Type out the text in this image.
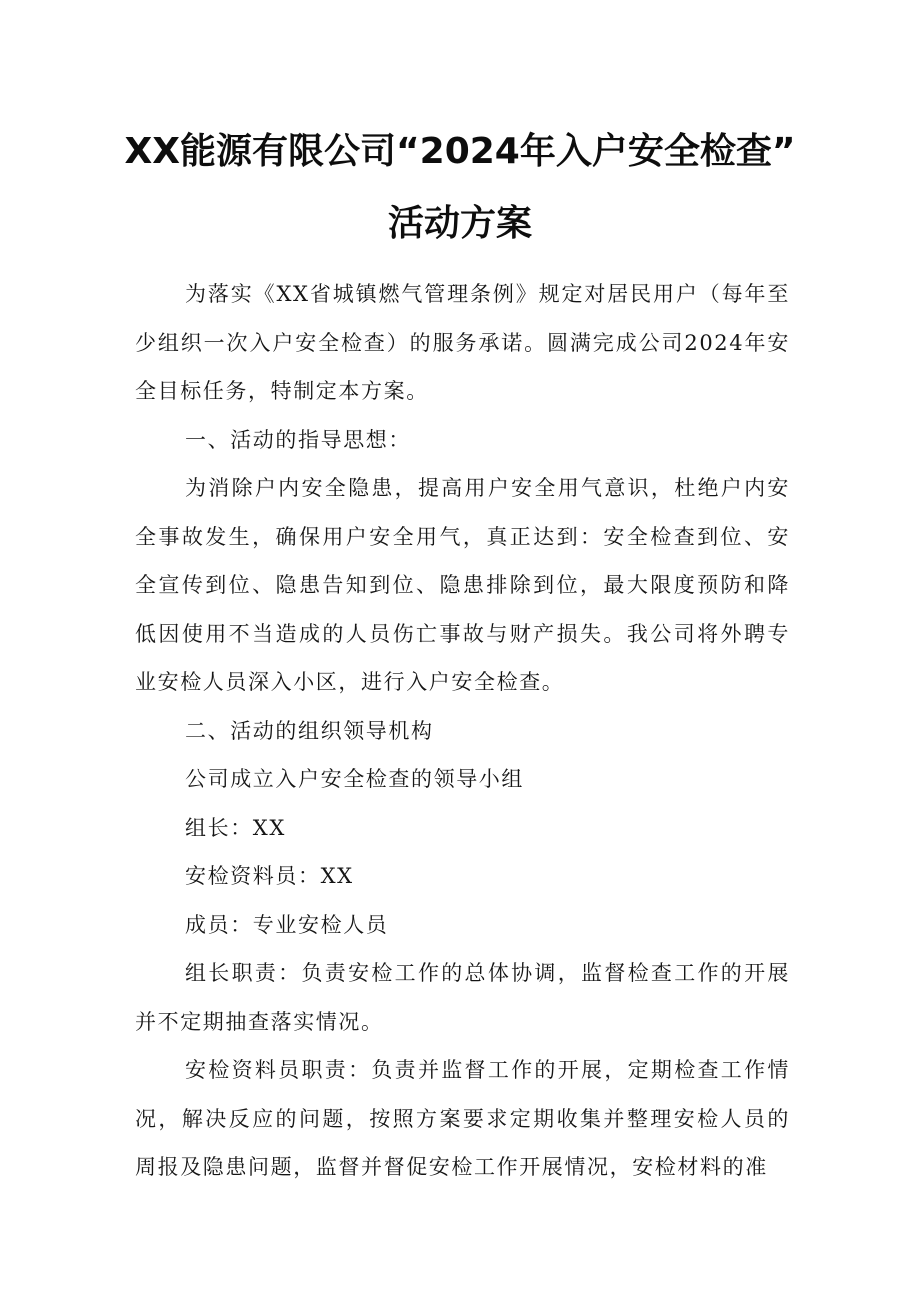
XX能源有限公司“2024年入户安全检查”
活动方案

为落实《XX省城镇燃气管理条例》规定对居民用户（每年至少组织一次入户安全检查）的服务承诺。圆满完成公司2024年安全目标任务，特制定本方案。

一、活动的指导思想：

为消除户内安全隐患，提高用户安全用气意识，杜绝户内安全事故发生，确保用户安全用气，真正达到：安全检查到位、安全宣传到位、隐患告知到位、隐患排除到位，最大限度预防和降低因使用不当造成的人员伤亡事故与财产损失。我公司将外聘专业安检人员深入小区，进行入户安全检查。

二、活动的组织领导机构

公司成立入户安全检查的领导小组

组长：XX

安检资料员：XX

成员：专业安检人员

组长职责：负责安检工作的总体协调，监督检查工作的开展并不定期抽查落实情况。

安检资料员职责：负责并监督工作的开展，定期检查工作情况，解决反应的问题，按照方案要求定期收集并整理安检人员的周报及隐患问题，监督并督促安检工作开展情况，安检材料的准
